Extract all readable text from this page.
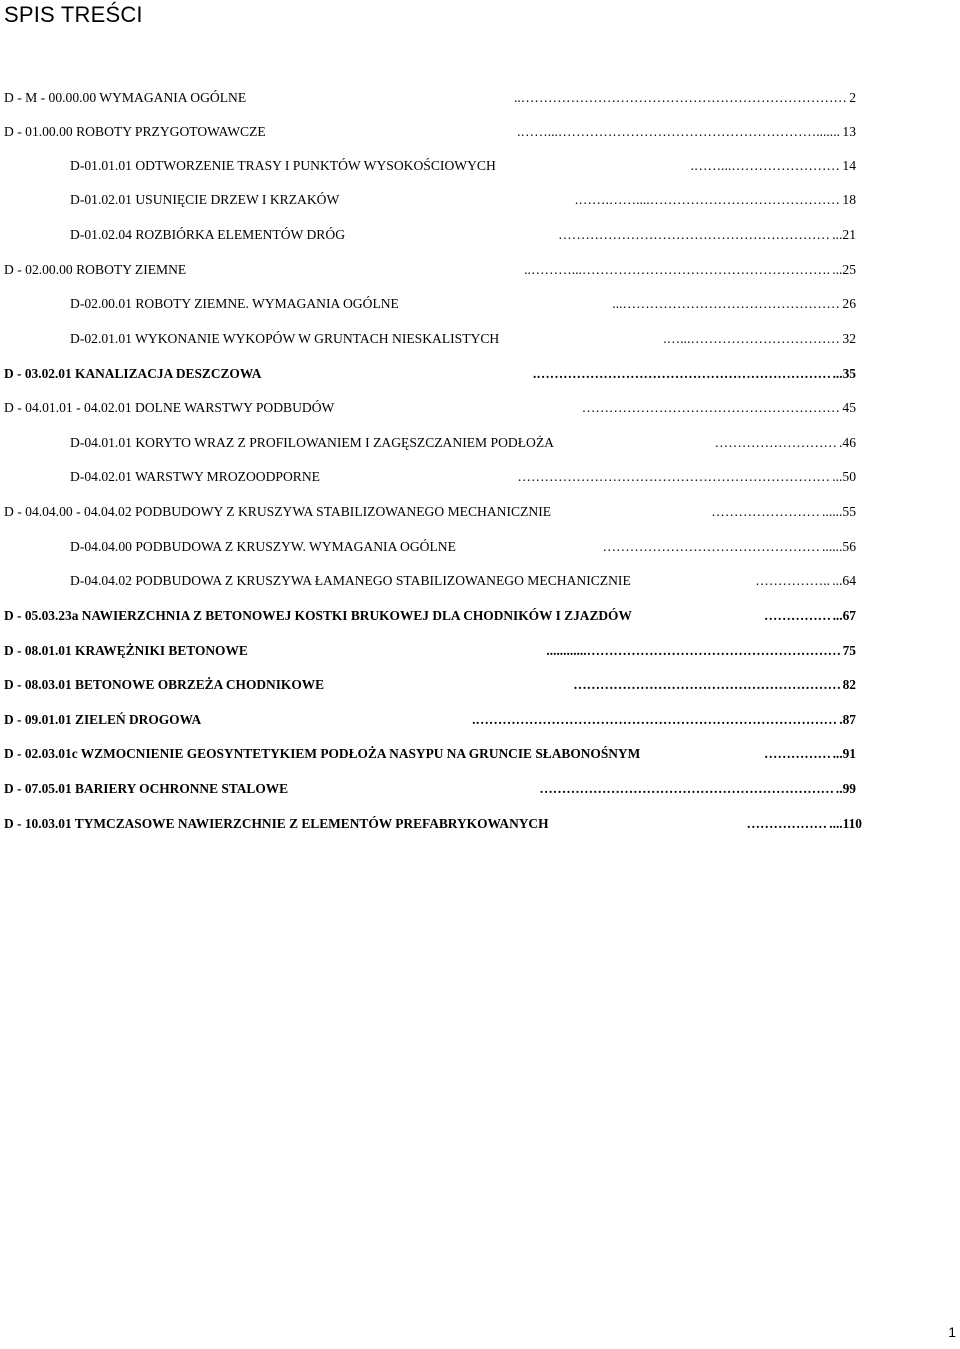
SPIS TREŚCI
D - M - 00.00.00 WYMAGANIA OGÓLNE	……………………………………………………………….. 2
D - 01.00.00 ROBOTY PRZYGOTOWAWCZE	.......…………………………………………………...……. 13
D-01.01.01 ODTWORZENIE TRASY I PUNKTÓW WYSOKOŚCIOWYCH	……………………...……. 14
D-01.02.01 USUNIĘCIE DRZEW I KRZAKÓW	……………………………………....…….……. 18
D-01.02.04 ROZBIÓRKA ELEMENTÓW DRÓG	…………………………………………………… ...21
D - 02.00.00 ROBOTY ZIEMNE	.………………………………………………...……….. ...25
D-02.00.01 ROBOTY ZIEMNE. WYMAGANIA OGÓLNE	…………………………………………... 26
D-02.01.01 WYKONANIE WYKOPÓW W GRUNTACH NIESKALISTYCH	……………………………...…. 32
D - 03.02.01 KANALIZACJA DESZCZOWA	…………………………………………………………. ...35
D - 04.01.01 - 04.02.01 DOLNE WARSTWY PODBUDÓW	………………………………………………… 45
D-04.01.01 KORYTO WRAZ Z PROFILOWANIEM I ZAGĘSZCZANIEM PODŁOŻA	……………………… .46
D-04.02.01 WARSTWY MROZOODPORNE	…………………………………………………………… ...50
D - 04.04.00 - 04.04.02 PODBUDOWY Z KRUSZYWA STABILIZOWANEGO MECHANICZNIE	…………………… ......55
D-04.04.00 PODBUDOWA Z KRUSZYW. WYMAGANIA OGÓLNE	………………………………………… ......56
D-04.04.02 PODBUDOWA Z KRUSZYWA ŁAMANEGO STABILIZOWANEGO MECHANICZNIE	..…………… ...64
D - 05.03.23a NAWIERZCHNIA Z BETONOWEJ KOSTKI BRUKOWEJ DLA CHODNIKÓW I ZJAZDÓW	…………… ...67
D - 08.01.01 KRAWĘŻNIKI BETONOWE	…………………………………………………............ 75
D - 08.03.01 BETONOWE OBRZEŻA CHODNIKOWE	…………………………………………………… 82
D - 09.01.01 ZIELEŃ DROGOWA	………………………………………………………………………. .87
D - 02.03.01c WZMOCNIENIE GEOSYNTETYKIEM PODŁOŻA NASYPU NA GRUNCIE SŁABONOŚNYM	…………… ...91
D - 07.05.01 BARIERY OCHRONNE STALOWE	………………………………………………………… ..99
D - 10.03.01 TYMCZASOWE NAWIERZCHNIE Z ELEMENTÓW PREFABRYKOWANYCH	……………… ....110
1
